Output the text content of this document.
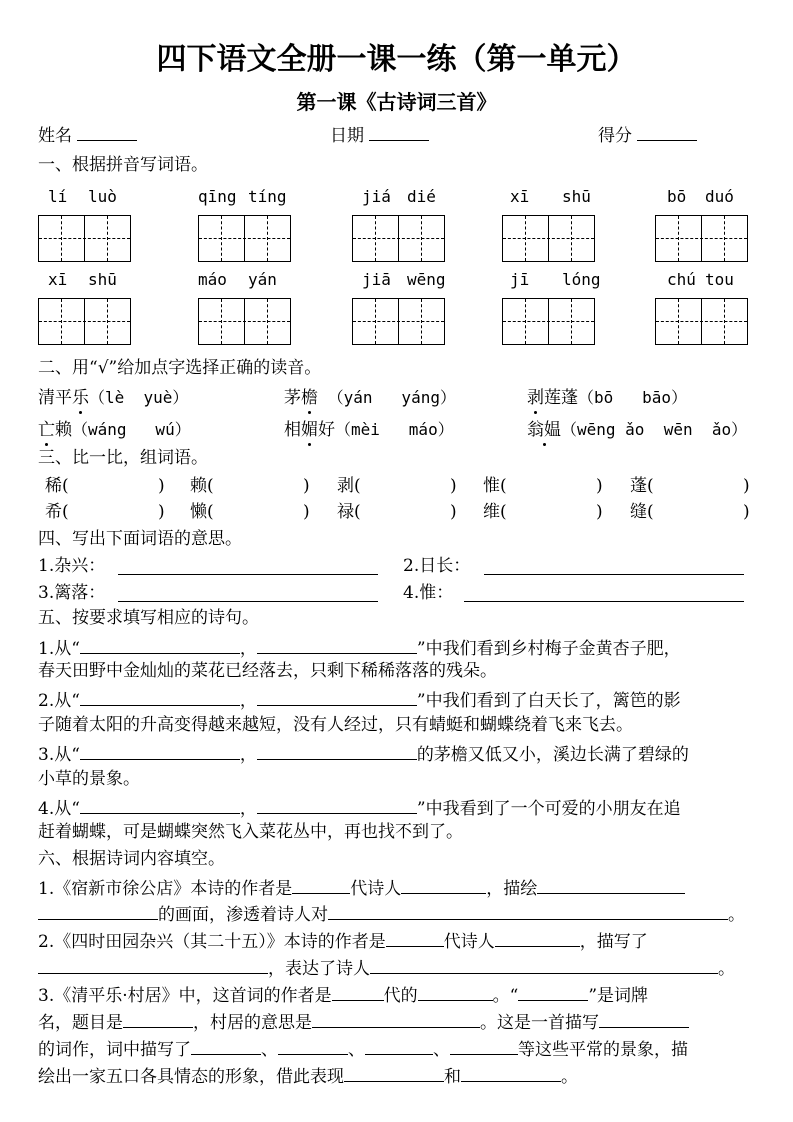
四下语文全册一课一练（第一单元）
第一课《古诗词三首》
姓名	日期	得分
一、根据拼音写词语。
lí luò	qīng tíng	jiá dié	xī shū	bō duó
xī shū	máo yán	jiā wēng	jī lóng	chú tou
二、用“√”给加点字选择正确的读音。
清平乐（lè  yuè）	茅檐 （yán   yáng）	剥莲蓬（bō   bāo）
亡赖（wáng   wú）	相媚好（mèi   máo）	翁媪（wēng ǎo  wēn  ǎo）
三、比一比，组词语。
稀 (	) 赖 (	) 剥 (	) 惟 (	) 蓬 (	)
希 (	) 懒 (	) 禄 (	) 维 (	) 缝 (	)
四、写出下面词语的意思。
1.杂兴：	2.日长：
3.篱落：	4.惟：
五、按要求填写相应的诗句。
1.从“	，	”中我们看到乡村梅子金黄杏子肥，
春天田野中金灿灿的菜花已经落去，只剩下稀稀落落的残朵。
2.从“	，	”中我们看到了白天长了，篱笆的影
子随着太阳的升高变得越来越短，没有人经过，只有蜻蜓和蝴蝶绕着飞来飞去。
3.从“	，	的茅檐又低又小，溪边长满了碧绿的
小草的景象。
4.从“	，	”中我看到了一个可爱的小朋友在追
赶着蝴蝶，可是蝴蝶突然飞入菜花丛中，再也找不到了。
六、根据诗词内容填空。
1.《宿新市徐公店》本诗的作者是	代诗人	，描绘
的画面，渗透着诗人对	。
2.《四时田园杂兴（其二十五）》本诗的作者是	代诗人	，描写了
，表达了诗人	。
3.《清平乐·村居》中，这首词的作者是	代的	。“	”是词牌
名，题目是	，村居的意思是	。这是一首描写
的词作，词中描写了	、	、	、	等这些平常的景象，描
绘出一家五口各具情态的形象，借此表现	和	。
